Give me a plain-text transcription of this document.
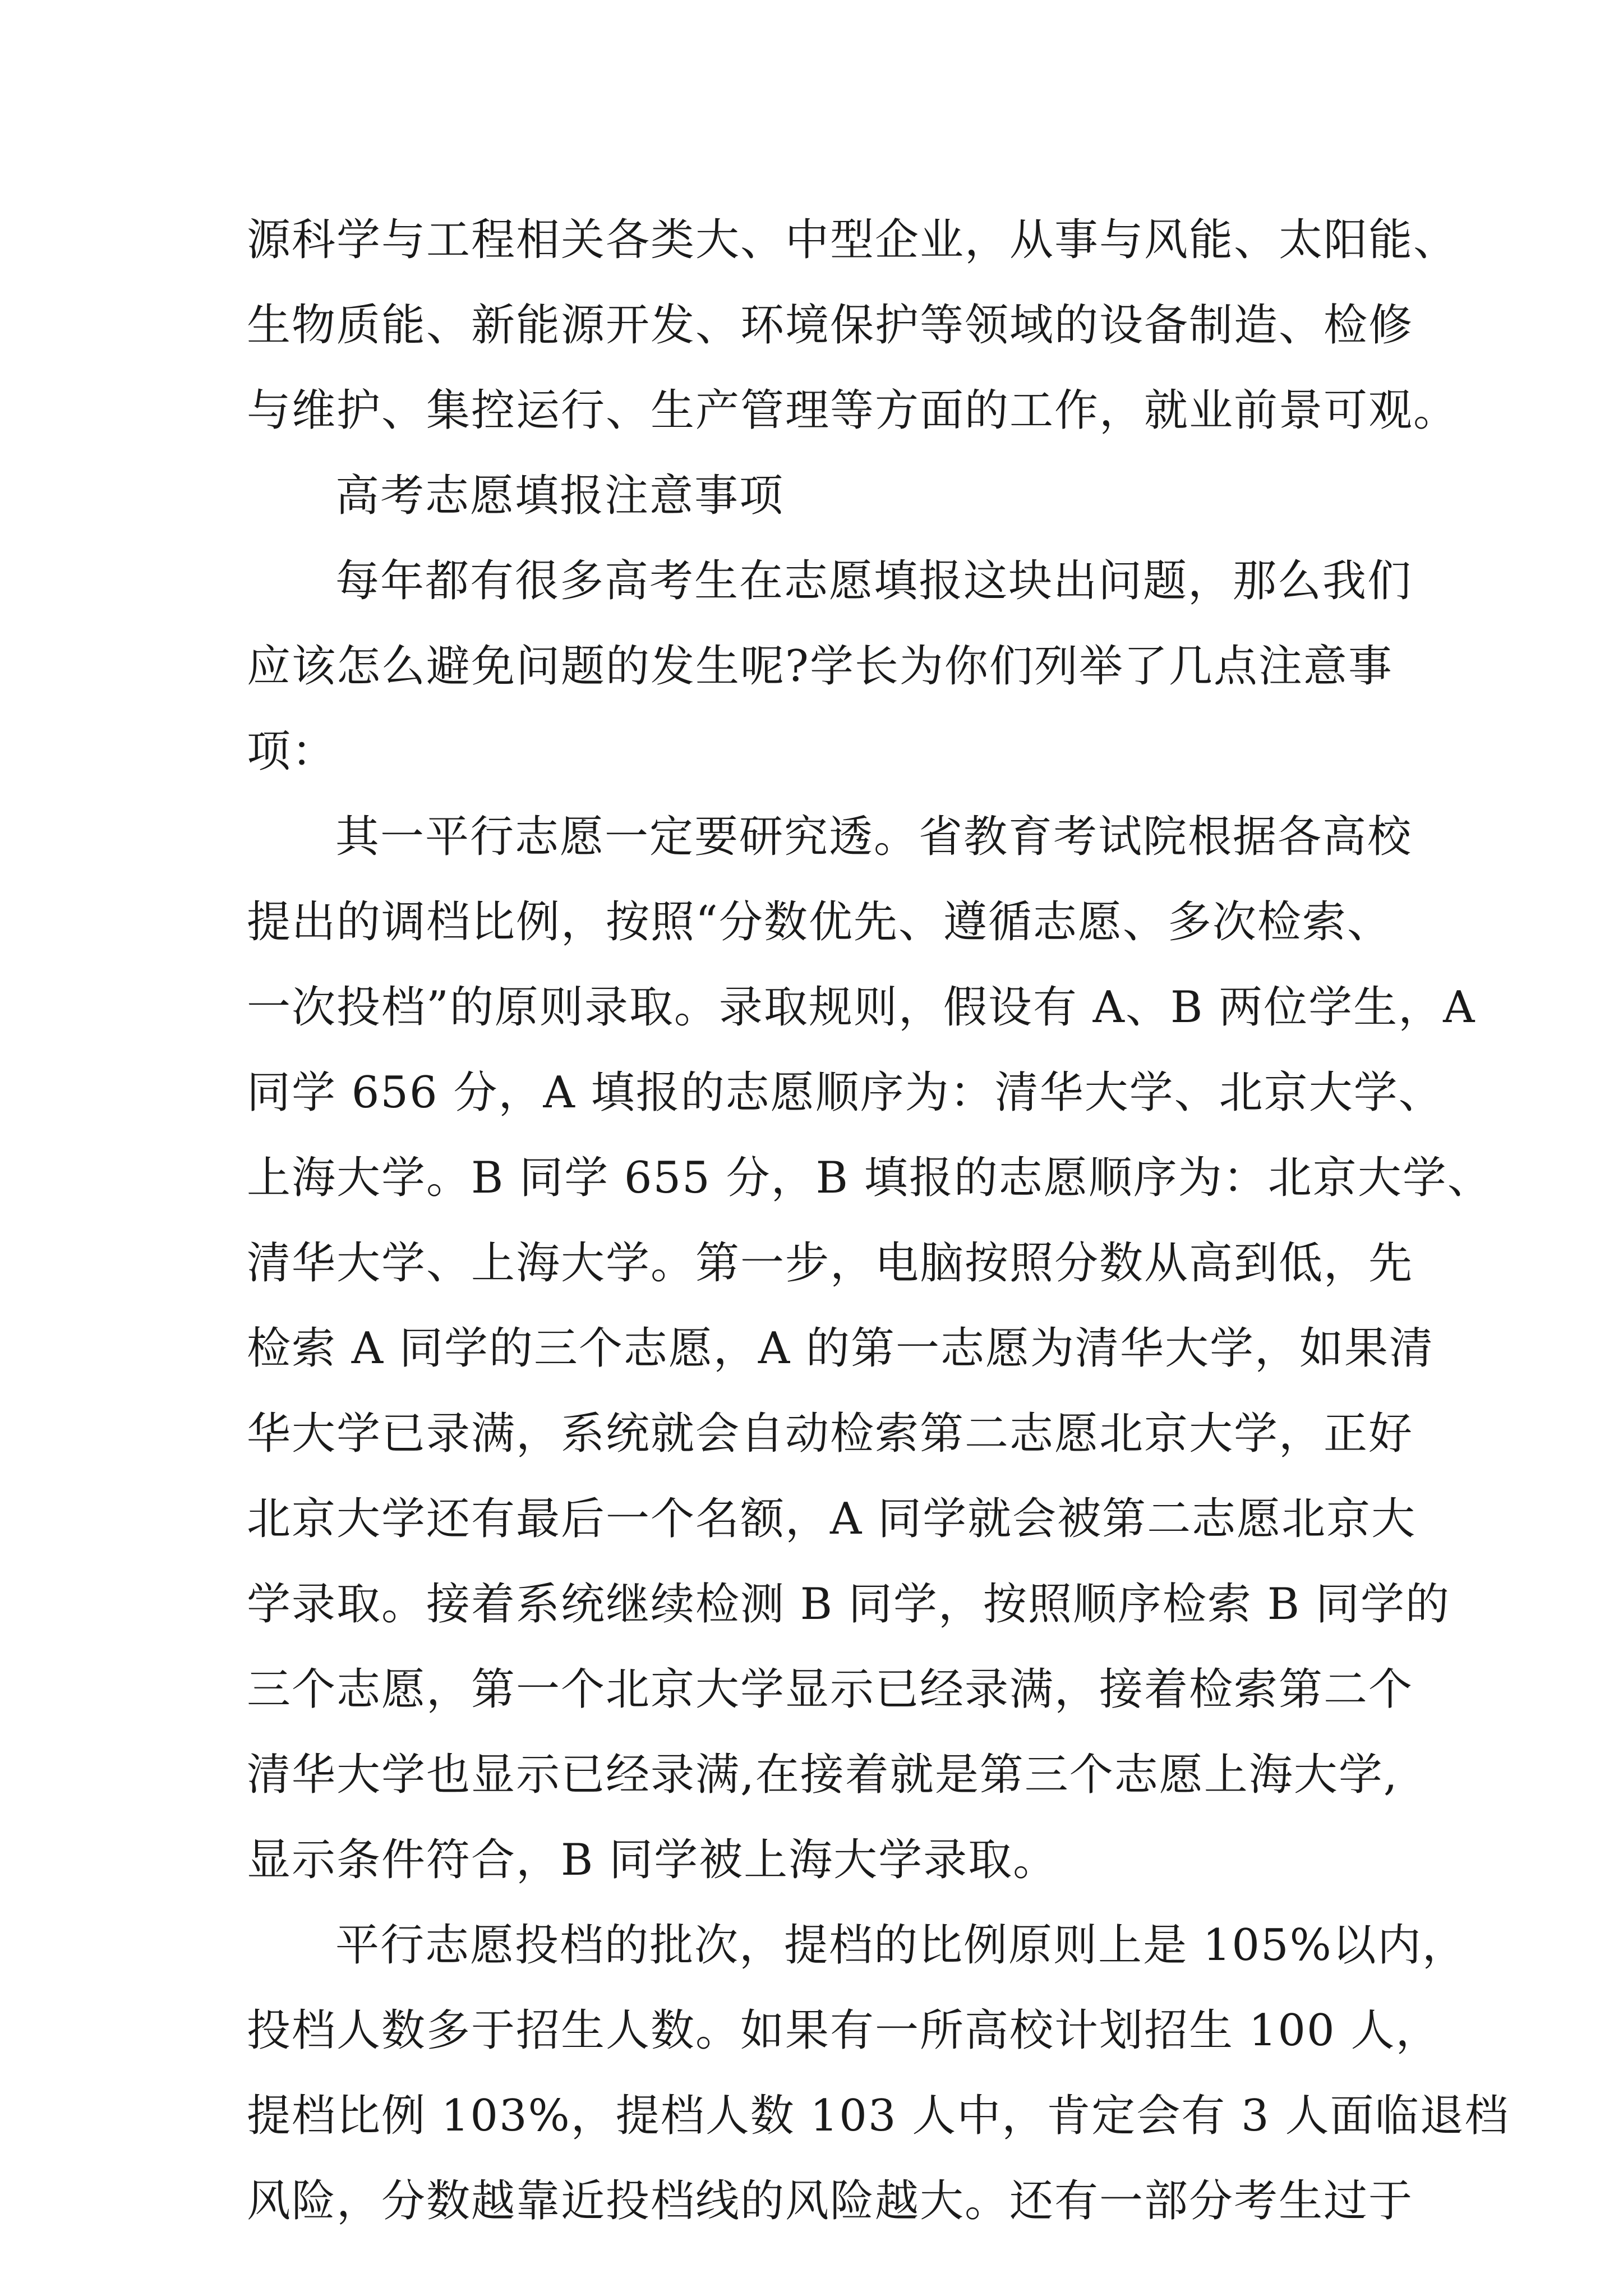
源科学与工程相关各类大、中型企业，从事与风能、太阳能、
生物质能、新能源开发、环境保护等领域的设备制造、检修
与维护、集控运行、生产管理等方面的工作，就业前景可观。
高考志愿填报注意事项
每年都有很多高考生在志愿填报这块出问题，那么我们
应该怎么避免问题的发生呢?学长为你们列举了几点注意事
项：
其一平行志愿一定要研究透。省教育考试院根据各高校
提出的调档比例，按照“分数优先、遵循志愿、多次检索、
一次投档”的原则录取。录取规则，假设有 A、B 两位学生，A
同学 656 分，A 填报的志愿顺序为：清华大学、北京大学、
上海大学。B 同学 655 分，B 填报的志愿顺序为：北京大学、
清华大学、上海大学。第一步，电脑按照分数从高到低，先
检索 A 同学的三个志愿，A 的第一志愿为清华大学，如果清
华大学已录满，系统就会自动检索第二志愿北京大学，正好
北京大学还有最后一个名额，A 同学就会被第二志愿北京大
学录取。接着系统继续检测 B 同学，按照顺序检索 B 同学的
三个志愿，第一个北京大学显示已经录满，接着检索第二个
清华大学也显示已经录满,在接着就是第三个志愿上海大学,
显示条件符合，B 同学被上海大学录取。
平行志愿投档的批次，提档的比例原则上是 105%以内，
投档人数多于招生人数。如果有一所高校计划招生 100 人，
提档比例 103%，提档人数 103 人中，肯定会有 3 人面临退档
风险，分数越靠近投档线的风险越大。还有一部分考生过于
